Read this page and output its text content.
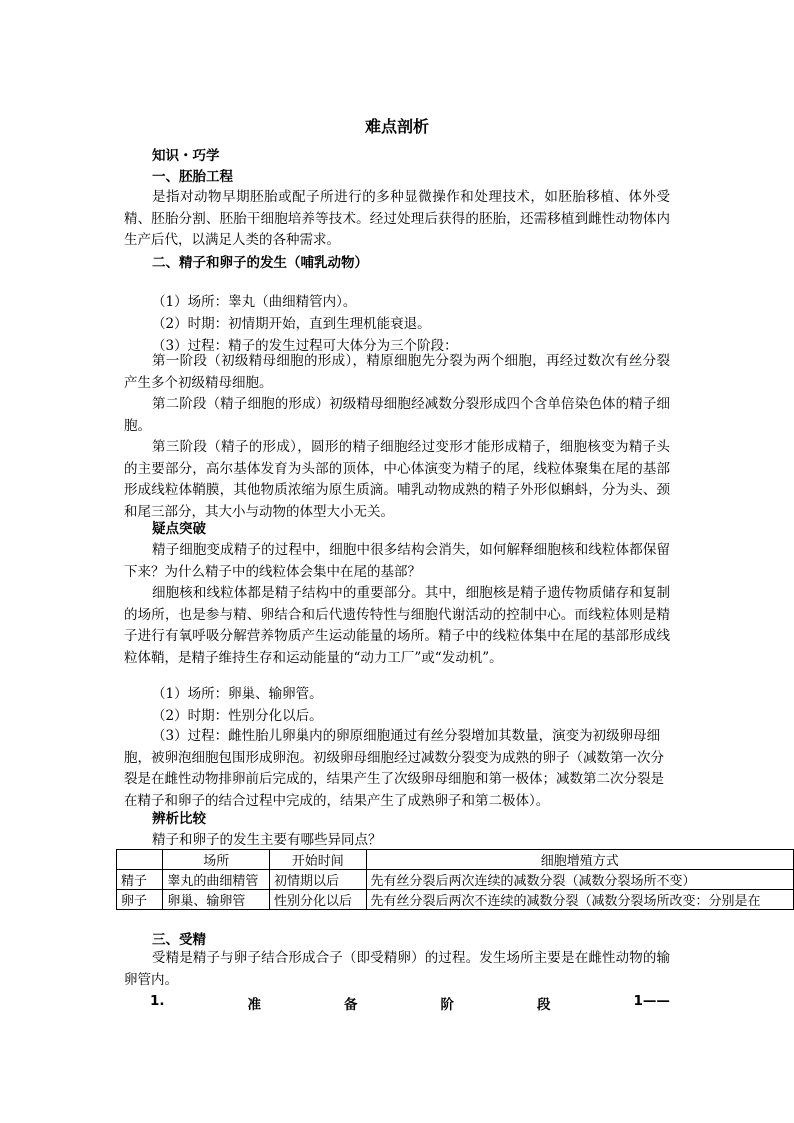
难点剖析
知识・巧学
一、胚胎工程
是指对动物早期胚胎或配子所进行的多种显微操作和处理技术，如胚胎移植、体外受精、胚胎分割、胚胎干细胞培养等技术。经过处理后获得的胚胎，还需移植到雌性动物体内生产后代，以满足人类的各种需求。
二、精子和卵子的发生（哺乳动物）
（1）场所：睾丸（曲细精管内）。
（2）时期：初情期开始，直到生理机能衰退。
（3）过程：精子的发生过程可大体分为三个阶段：
第一阶段（初级精母细胞的形成），精原细胞先分裂为两个细胞，再经过数次有丝分裂产生多个初级精母细胞。
第二阶段（精子细胞的形成）初级精母细胞经减数分裂形成四个含单倍染色体的精子细胞。
第三阶段（精子的形成），圆形的精子细胞经过变形才能形成精子，细胞核变为精子头的主要部分，高尔基体发育为头部的顶体，中心体演变为精子的尾，线粒体聚集在尾的基部形成线粒体鞘膜，其他物质浓缩为原生质滴。哺乳动物成熟的精子外形似蝌蚪，分为头、颈和尾三部分，其大小与动物的体型大小无关。
疑点突破
精子细胞变成精子的过程中，细胞中很多结构会消失，如何解释细胞核和线粒体都保留下来？为什么精子中的线粒体会集中在尾的基部？
细胞核和线粒体都是精子结构中的重要部分。其中，细胞核是精子遗传物质储存和复制的场所，也是参与精、卵结合和后代遗传特性与细胞代谢活动的控制中心。而线粒体则是精子进行有氧呼吸分解营养物质产生运动能量的场所。精子中的线粒体集中在尾的基部形成线粒体鞘，是精子维持生存和运动能量的“动力工厂”或“发动机”。
（1）场所：卵巢、输卵管。
（2）时期：性别分化以后。
（3）过程：雌性胎儿卵巢内的卵原细胞通过有丝分裂增加其数量，演变为初级卵母细胞，被卵泡细胞包围形成卵泡。初级卵母细胞经过减数分裂变为成熟的卵子（减数第一次分裂是在雌性动物排卵前后完成的，结果产生了次级卵母细胞和第一极体；减数第二次分裂是在精子和卵子的结合过程中完成的，结果产生了成熟卵子和第二极体）。
辨析比较
精子和卵子的发生主要有哪些异同点？
三、受精
受精是精子与卵子结合形成合子（即受精卵）的过程。发生场所主要是在雌性动物的输卵管内。
	场所	开始时间	细胞增殖方式
精子	睾丸的曲细精管	初情期以后	先有丝分裂后两次连续的减数分裂（减数分裂场所不变）
卵子	卵巢、输卵管	性别分化以后	先有丝分裂后两次不连续的减数分裂（减数分裂场所改变：分别是在
1.	准	备	阶	段	1——
